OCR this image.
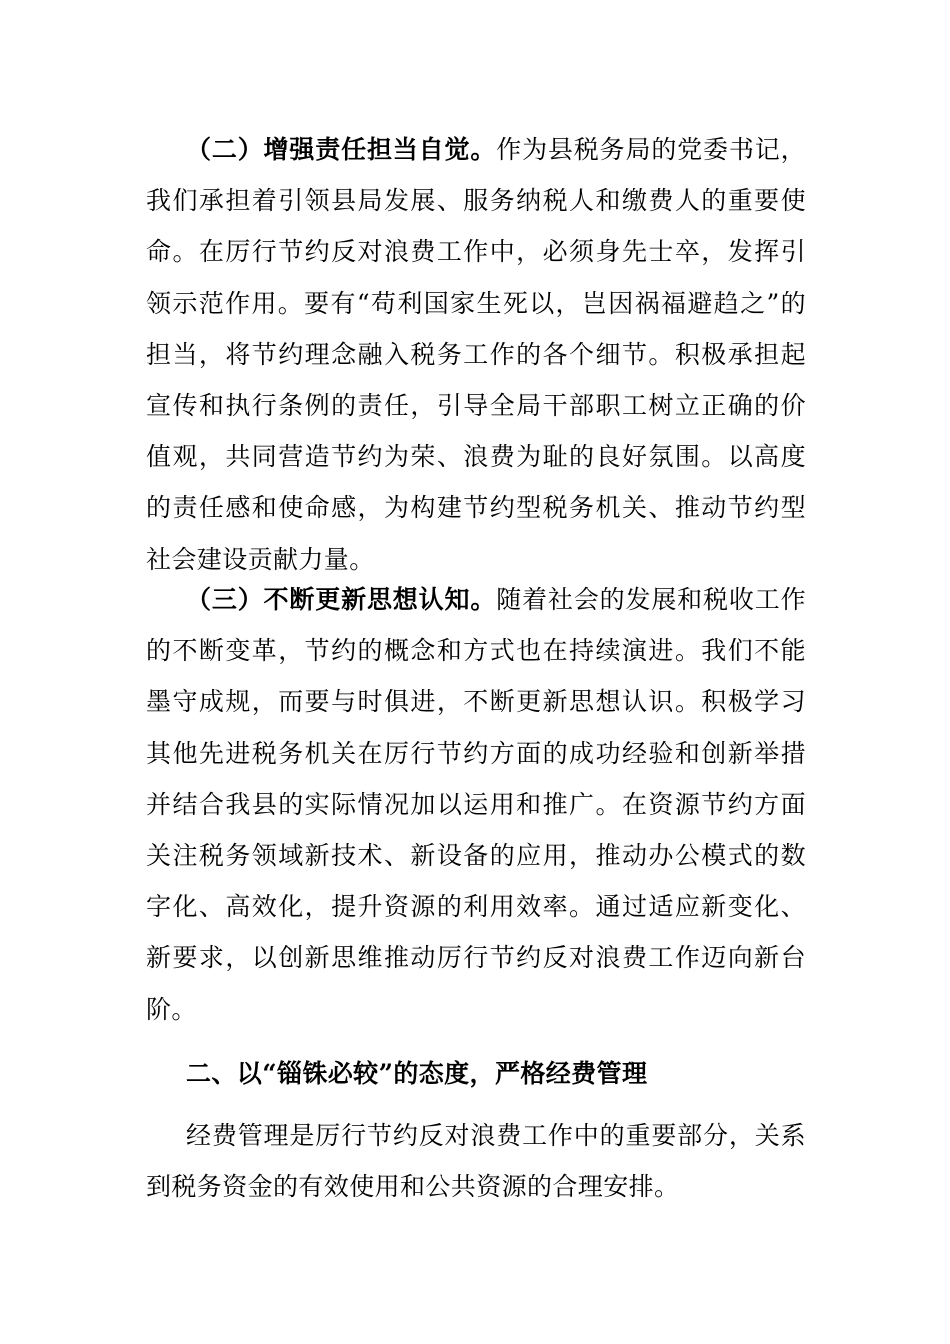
（二）增强责任担当自觉。作为县税务局的党委书记，我们承担着引领县局发展、服务纳税人和缴费人的重要使命。在厉行节约反对浪费工作中，必须身先士卒，发挥引领示范作用。要有“苟利国家生死以，岂因祸福避趋之”的担当，将节约理念融入税务工作的各个细节。积极承担起宣传和执行条例的责任，引导全局干部职工树立正确的价值观，共同营造节约为荣、浪费为耻的良好氛围。以高度的责任感和使命感，为构建节约型税务机关、推动节约型社会建设贡献力量。

（三）不断更新思想认知。随着社会的发展和税收工作的不断变革，节约的概念和方式也在持续演进。我们不能墨守成规，而要与时俱进，不断更新思想认识。积极学习其他先进税务机关在厉行节约方面的成功经验和创新举措并结合我县的实际情况加以运用和推广。在资源节约方面关注税务领域新技术、新设备的应用，推动办公模式的数字化、高效化，提升资源的利用效率。通过适应新变化、新要求，以创新思维推动厉行节约反对浪费工作迈向新台阶。

二、以“锱铢必较”的态度，严格经费管理

经费管理是厉行节约反对浪费工作中的重要部分，关系到税务资金的有效使用和公共资源的合理安排。
